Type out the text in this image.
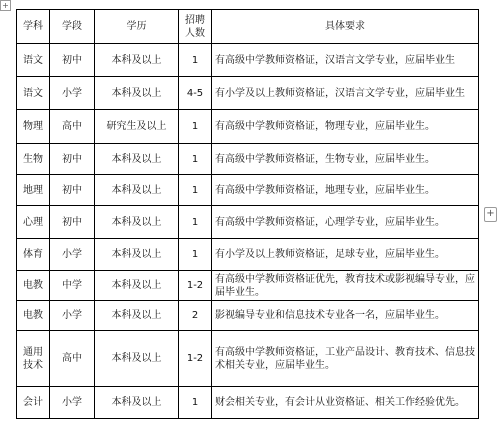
+
+
学科	学段	学历	招聘人数	具体要求
语文	初中	本科及以上	1	有高级中学教师资格证，汉语言文学专业，应届毕业生
语文	小学	本科及以上	4-5	有小学及以上教师资格证，汉语言文学专业，应届毕业生
物理	高中	研究生及以上	1	有高级中学教师资格证，物理专业，应届毕业生。
生物	初中	本科及以上	1	有高级中学教师资格证，生物专业，应届毕业生。
地理	初中	本科及以上	1	有高级中学教师资格证，地理专业，应届毕业生。
心理	初中	本科及以上	1	有高级中学教师资格证，心理学专业，应届毕业生。
体育	小学	本科及以上	1	有小学及以上教师资格证，足球专业，应届毕业生。
电教	中学	本科及以上	1-2	有高级中学教师资格证优先，教育技术或影视编导专业，应届毕业生。
电教	小学	本科及以上	2	影视编导专业和信息技术专业各一名，应届毕业生。
通用技术	高中	本科及以上	1-2	有高级中学教师资格证，工业产品设计、教育技术、信息技术相关专业，应届毕业生。
会计	小学	本科及以上	1	财会相关专业，有会计从业资格证、相关工作经验优先。
